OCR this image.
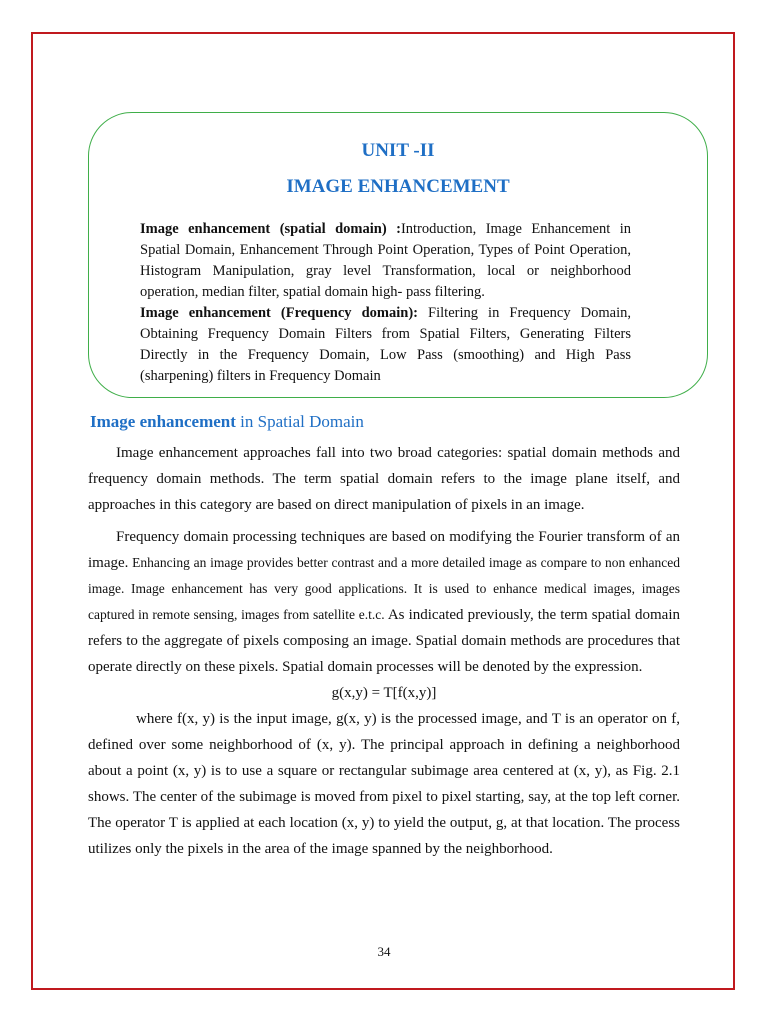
UNIT -II
IMAGE ENHANCEMENT

Image enhancement (spatial domain) :Introduction, Image Enhancement in Spatial Domain, Enhancement Through Point Operation, Types of Point Operation, Histogram Manipulation, gray level Transformation, local or neighborhood operation, median filter, spatial domain high- pass filtering.

Image enhancement (Frequency domain): Filtering in Frequency Domain, Obtaining Frequency Domain Filters from Spatial Filters, Generating Filters Directly in the Frequency Domain, Low Pass (smoothing) and High Pass (sharpening) filters in Frequency Domain

Image enhancement in Spatial Domain

Image enhancement approaches fall into two broad categories: spatial domain methods and frequency domain methods. The term spatial domain refers to the image plane itself, and approaches in this category are based on direct manipulation of pixels in an image.

Frequency domain processing techniques are based on modifying the Fourier transform of an image. Enhancing an image provides better contrast and a more detailed image as compare to non enhanced image. Image enhancement has very good applications. It is used to enhance medical images, images captured in remote sensing, images from satellite e.t.c. As indicated previously, the term spatial domain refers to the aggregate of pixels composing an image. Spatial domain methods are procedures that operate directly on these pixels. Spatial domain processes will be denoted by the expression.

g(x,y) = T[f(x,y)]

where f(x, y) is the input image, g(x, y) is the processed image, and T is an operator on f, defined over some neighborhood of (x, y). The principal approach in defining a neighborhood about a point (x, y) is to use a square or rectangular subimage area centered at (x, y), as Fig. 2.1 shows. The center of the subimage is moved from pixel to pixel starting, say, at the top left corner. The operator T is applied at each location (x, y) to yield the output, g, at that location. The process utilizes only the pixels in the area of the image spanned by the neighborhood.

34
